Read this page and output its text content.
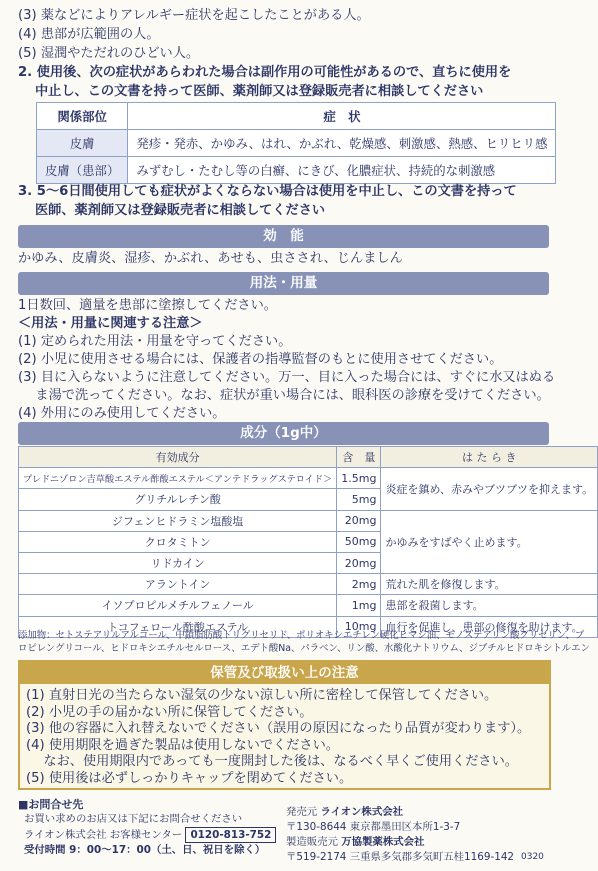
(3) 薬などによりアレルギー症状を起こしたことがある人。
(4) 患部が広範囲の人。
(5) 湿潤やただれのひどい人。
2. 使用後、次の症状があらわれた場合は副作用の可能性があるので、直ちに使用を
中止し、この文書を持って医師、薬剤師又は登録販売者に相談してください
関係部位	症　状
皮膚	発疹・発赤、かゆみ、はれ、かぶれ、乾燥感、刺激感、熱感、ヒリヒリ感
皮膚（患部）	みずむし・たむし等の白癬、にきび、化膿症状、持続的な刺激感
3. 5～6日間使用しても症状がよくならない場合は使用を中止し、この文書を持って
医師、薬剤師又は登録販売者に相談してください
効　能
かゆみ、皮膚炎、湿疹、かぶれ、あせも、虫さされ、じんましん
用法・用量
1日数回、適量を患部に塗擦してください。
＜用法・用量に関連する注意＞
(1) 定められた用法・用量を守ってください。
(2) 小児に使用させる場合には、保護者の指導監督のもとに使用させてください。
(3) 目に入らないように注意してください。万一、目に入った場合には、すぐに水又はぬる
　 ま湯で洗ってください。なお、症状が重い場合には、眼科医の診療を受けてください。
(4) 外用にのみ使用してください。
成分（1g中）
有効成分	含　量	は た ら き
プレドニゾロン吉草酸エステル酢酸エステル＜アンテドラッグステロイド＞	1.5mg	炎症を鎮め、赤みやブツブツを抑えます。
グリチルレチン酸	5mg	
ジフェンヒドラミン塩酸塩	20mg	かゆみをすばやく止めます。
クロタミトン	50mg	
リドカイン	20mg	
アラントイン	2mg	荒れた肌を修復します。
イソプロピルメチルフェノール	1mg	患部を殺菌します。
トコフェロール酢酸エステル	10mg	血行を促進し、患部の修復を助けます。
添加物：セトステアリルアルコール、中鎖脂肪酸トリグリセリド、ポリオキシエチレン硬化ヒマシ油、モノステアリン酸グリセリン、プ
ロピレングリコール、ヒドロキシエチルセルロース、エデト酸Na、パラベン、リン酸、水酸化ナトリウム、ジブチルヒドロキシトルエン
保管及び取扱い上の注意
(1) 直射日光の当たらない湿気の少ない涼しい所に密栓して保管してください。
(2) 小児の手の届かない所に保管してください。
(3) 他の容器に入れ替えないでください（誤用の原因になったり品質が変わります）。
(4) 使用期限を過ぎた製品は使用しないでください。
　 なお、使用期限内であっても一度開封した後は、なるべく早くご使用ください。
(5) 使用後は必ずしっかりキャップを閉めてください。
■お問合せ先
お買い求めのお店又は下記にお問合せください
ライオン株式会社 お客様センター 0120-813-752
受付時間 9：00～17：00（土、日、祝日を除く）
発売元 ライオン株式会社
〒130-8644 東京都墨田区本所1-3-7
製造販売元 万協製薬株式会社
〒519-2174 三重県多気郡多気町五桂1169-142 0320
